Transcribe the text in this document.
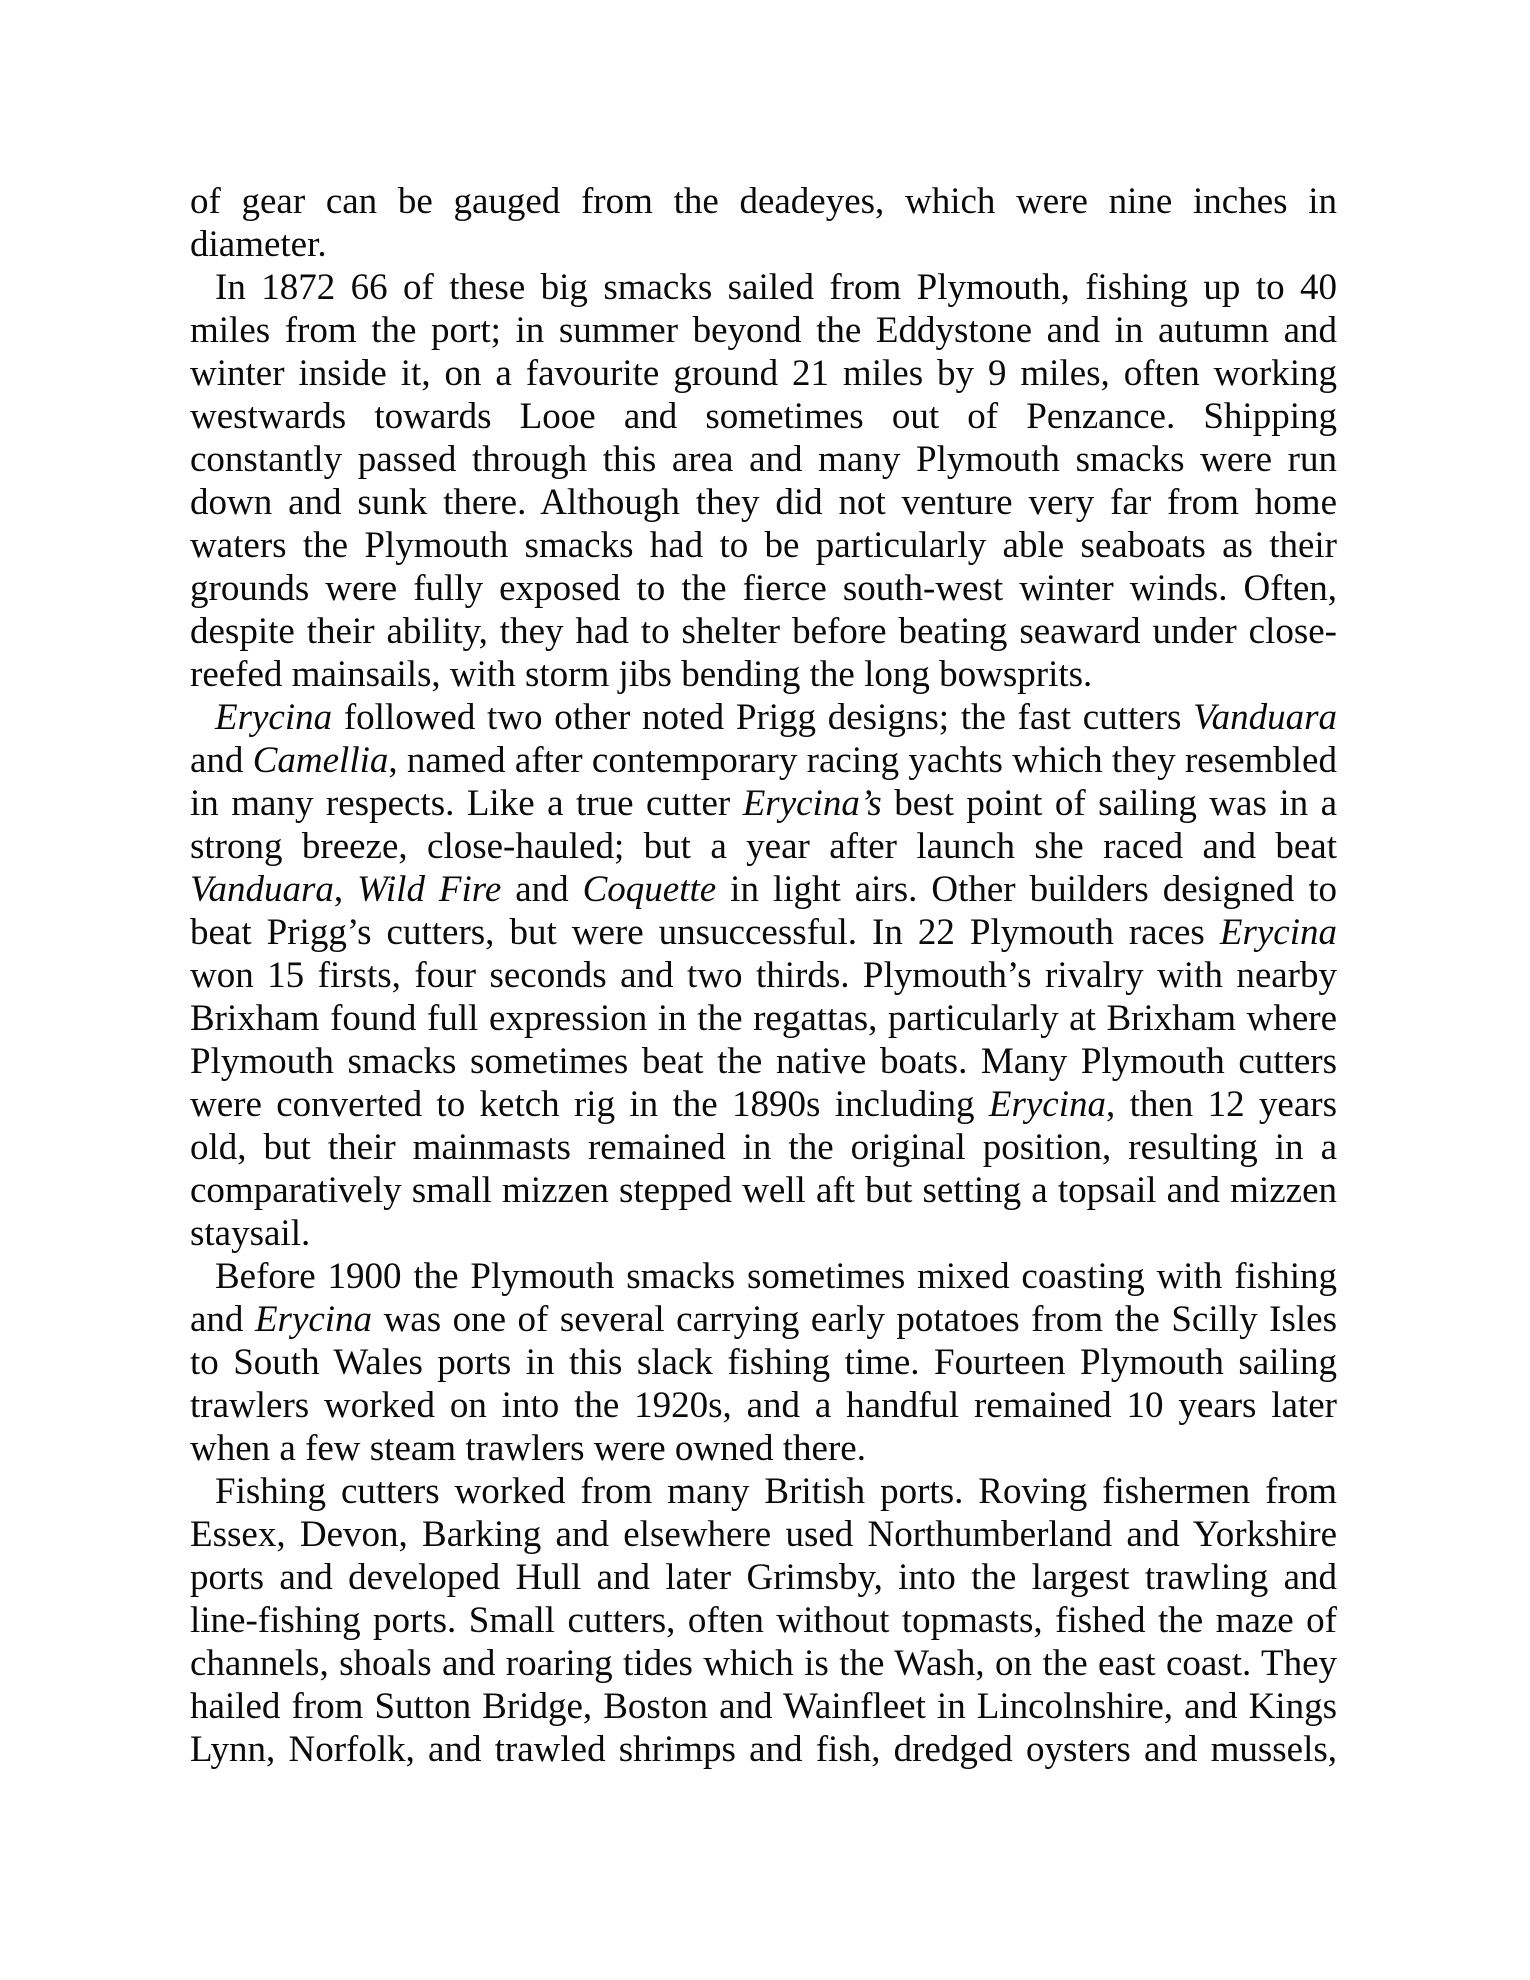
of gear can be gauged from the deadeyes, which were nine inches in
diameter.
In 1872 66 of these big smacks sailed from Plymouth, fishing up to 40
miles from the port; in summer beyond the Eddystone and in autumn and
winter inside it, on a favourite ground 21 miles by 9 miles, often working
westwards towards Looe and sometimes out of Penzance. Shipping
constantly passed through this area and many Plymouth smacks were run
down and sunk there. Although they did not venture very far from home
waters the Plymouth smacks had to be particularly able seaboats as their
grounds were fully exposed to the fierce south-west winter winds. Often,
despite their ability, they had to shelter before beating seaward under close-
reefed mainsails, with storm jibs bending the long bowsprits.
Erycina followed two other noted Prigg designs; the fast cutters Vanduara
and Camellia, named after contemporary racing yachts which they resembled
in many respects. Like a true cutter Erycina’s best point of sailing was in a
strong breeze, close-hauled; but a year after launch she raced and beat
Vanduara, Wild Fire and Coquette in light airs. Other builders designed to
beat Prigg’s cutters, but were unsuccessful. In 22 Plymouth races Erycina
won 15 firsts, four seconds and two thirds. Plymouth’s rivalry with nearby
Brixham found full expression in the regattas, particularly at Brixham where
Plymouth smacks sometimes beat the native boats. Many Plymouth cutters
were converted to ketch rig in the 1890s including Erycina, then 12 years
old, but their mainmasts remained in the original position, resulting in a
comparatively small mizzen stepped well aft but setting a topsail and mizzen
staysail.
Before 1900 the Plymouth smacks sometimes mixed coasting with fishing
and Erycina was one of several carrying early potatoes from the Scilly Isles
to South Wales ports in this slack fishing time. Fourteen Plymouth sailing
trawlers worked on into the 1920s, and a handful remained 10 years later
when a few steam trawlers were owned there.
Fishing cutters worked from many British ports. Roving fishermen from
Essex, Devon, Barking and elsewhere used Northumberland and Yorkshire
ports and developed Hull and later Grimsby, into the largest trawling and
line-fishing ports. Small cutters, often without topmasts, fished the maze of
channels, shoals and roaring tides which is the Wash, on the east coast. They
hailed from Sutton Bridge, Boston and Wainfleet in Lincolnshire, and Kings
Lynn, Norfolk, and trawled shrimps and fish, dredged oysters and mussels,
